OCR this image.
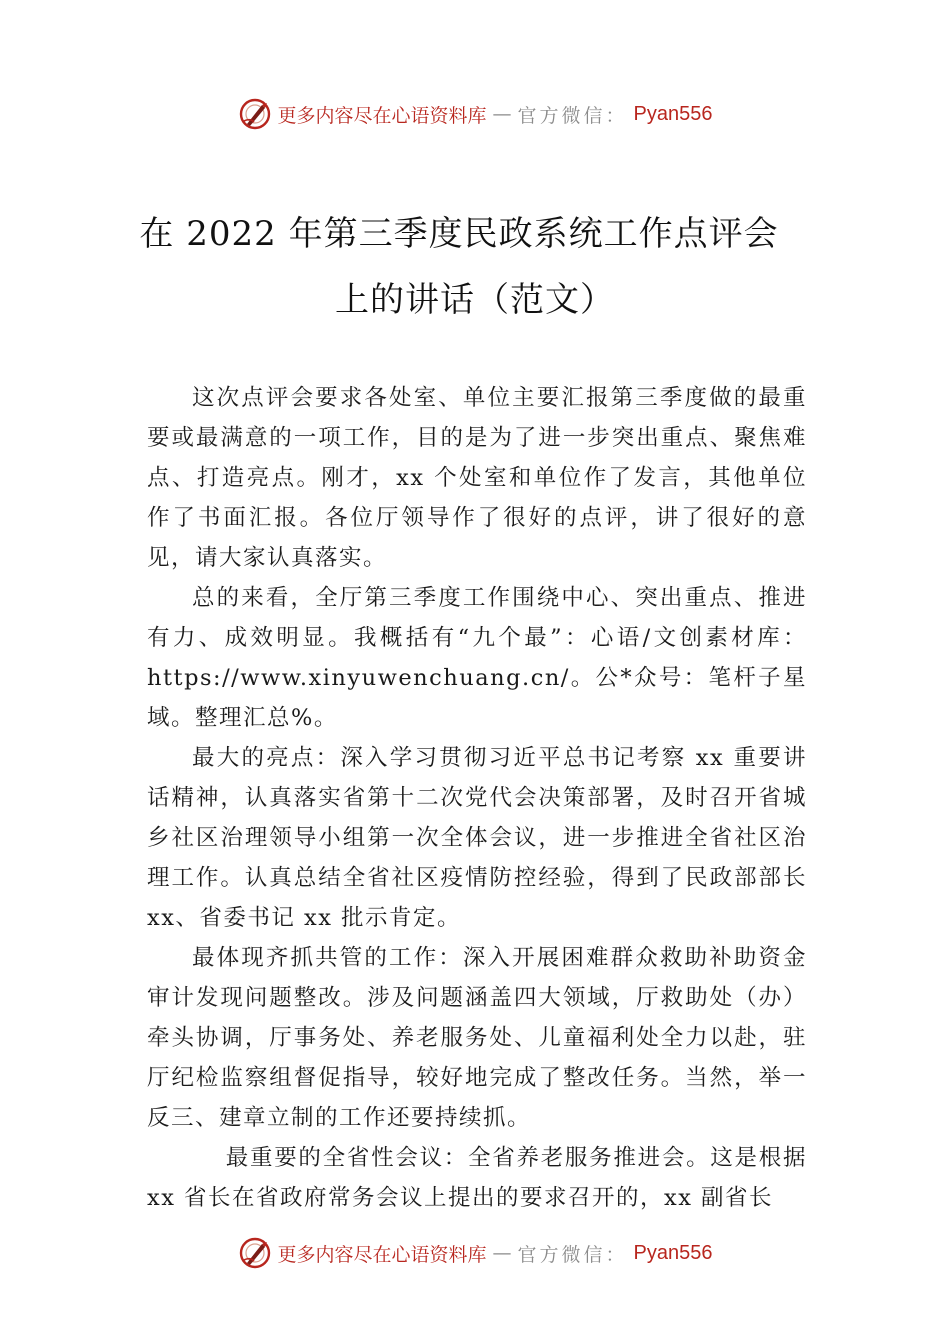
更多内容尽在心语资料库 — 官方微信： Pyan556
在 2022 年第三季度民政系统工作点评会
上的讲话（范文）

这次点评会要求各处室、单位主要汇报第三季度做的最重要或最满意的一项工作，目的是为了进一步突出重点、聚焦难点、打造亮点。刚才，xx 个处室和单位作了发言，其他单位作了书面汇报。各位厅领导作了很好的点评，讲了很好的意见，请大家认真落实。

总的来看，全厅第三季度工作围绕中心、突出重点、推进有力、成效明显。我概括有“九个最”：心语/文创素材库：https://www.xinyuwenchuang.cn/。公*众号：笔杆子星域。整理汇总%。

最大的亮点：深入学习贯彻习近平总书记考察 xx 重要讲话精神，认真落实省第十二次党代会决策部署，及时召开省城乡社区治理领导小组第一次全体会议，进一步推进全省社区治理工作。认真总结全省社区疫情防控经验，得到了民政部部长 xx、省委书记 xx 批示肯定。

最体现齐抓共管的工作：深入开展困难群众救助补助资金审计发现问题整改。涉及问题涵盖四大领域，厅救助处（办）牵头协调，厅事务处、养老服务处、儿童福利处全力以赴，驻厅纪检监察组督促指导，较好地完成了整改任务。当然，举一反三、建章立制的工作还要持续抓。

最重要的全省性会议：全省养老服务推进会。这是根据 xx 省长在省政府常务会议上提出的要求召开的，xx 副省长

更多内容尽在心语资料库 — 官方微信： Pyan556
